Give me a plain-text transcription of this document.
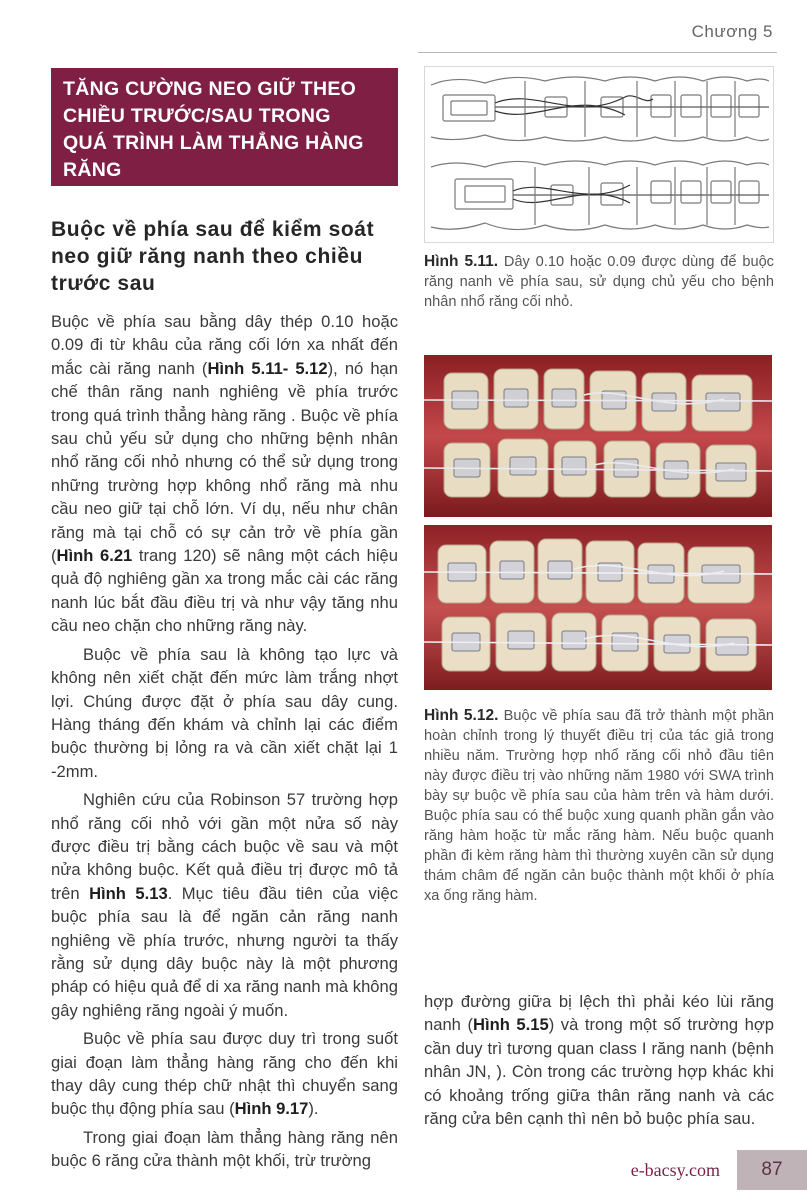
Chương 5
TĂNG CƯỜNG NEO GIỮ THEO
CHIỀU TRƯỚC/SAU TRONG
QUÁ TRÌNH LÀM THẲNG HÀNG
RĂNG
Buộc về phía sau để kiểm soát
neo giữ răng nanh theo chiều
trước sau

Buộc về phía sau bằng dây thép 0.10 hoặc 0.09 đi từ khâu của răng cối lớn xa nhất đến mắc cài răng nanh (Hình 5.11- 5.12), nó hạn chế thân răng nanh nghiêng về phía trước trong quá trình thẳng hàng răng . Buộc về phía sau chủ yếu sử dụng cho những bệnh nhân nhổ răng cối nhỏ nhưng có thể sử dụng trong những trường hợp không nhổ răng mà nhu cầu neo giữ tại chỗ lớn. Ví dụ, nếu như chân răng mà tại chỗ có sự cản trở về phía gần (Hình 6.21 trang 120) sẽ nâng một cách hiệu quả độ nghiêng gần xa trong mắc cài các răng nanh lúc bắt đầu điều trị và như vậy tăng nhu cầu neo chặn cho những răng này.

Buộc về phía sau là không tạo lực và không nên xiết chặt đến mức làm trắng nhợt lợi. Chúng được đặt ở phía sau dây cung. Hàng tháng đến khám và chỉnh lại các điểm buộc thường bị lỏng ra và cần xiết chặt lại 1 -2mm.

Nghiên cứu của Robinson 57 trường hợp nhổ răng cối nhỏ với gần một nửa số này được điều trị bằng cách buộc về sau và một nửa không buộc. Kết quả điều trị được mô tả trên Hình 5.13. Mục tiêu đầu tiên của việc buộc phía sau là để ngăn cản răng nanh nghiêng về phía trước, nhưng người ta thấy rằng sử dụng dây buộc này là một phương pháp có hiệu quả để di xa răng nanh mà không gây nghiêng răng ngoài ý muốn.

Buộc về phía sau được duy trì trong suốt giai đoạn làm thẳng hàng răng cho đến khi thay dây cung thép chữ nhật thì chuyển sang buộc thụ động phía sau (Hình 9.17).

Trong giai đoạn làm thẳng hàng răng nên buộc 6 răng cửa thành một khối, trừ trường

Hình 5.11. Dây 0.10 hoặc 0.09 được dùng để buộc răng nanh về phía sau, sử dụng chủ yếu cho bệnh nhân nhổ răng cối nhỏ.
Hình 5.12. Buộc về phía sau đã trở thành một phần hoàn chỉnh trong lý thuyết điều trị của tác giả trong nhiều năm. Trường hợp nhổ răng cối nhỏ đầu tiên này được điều trị vào những năm 1980 với SWA trình bày sự buộc về phía sau của hàm trên và hàm dưới. Buộc phía sau có thể buộc xung quanh phần gắn vào răng hàm hoặc từ mắc răng hàm. Nếu buộc quanh phần đi kèm răng hàm thì thường xuyên cần sử dụng thám châm để ngăn cản buộc thành một khối ở phía xa ống răng hàm.

hợp đường giữa bị lệch thì phải kéo lùi răng nanh (Hình 5.15) và trong một số trường hợp cần duy trì tương quan class I răng nanh (bệnh nhân JN, ). Còn trong các trường hợp khác khi có khoảng trống giữa thân răng nanh và các răng cửa bên cạnh thì nên bỏ buộc phía sau.

e-bacsy.com	87
